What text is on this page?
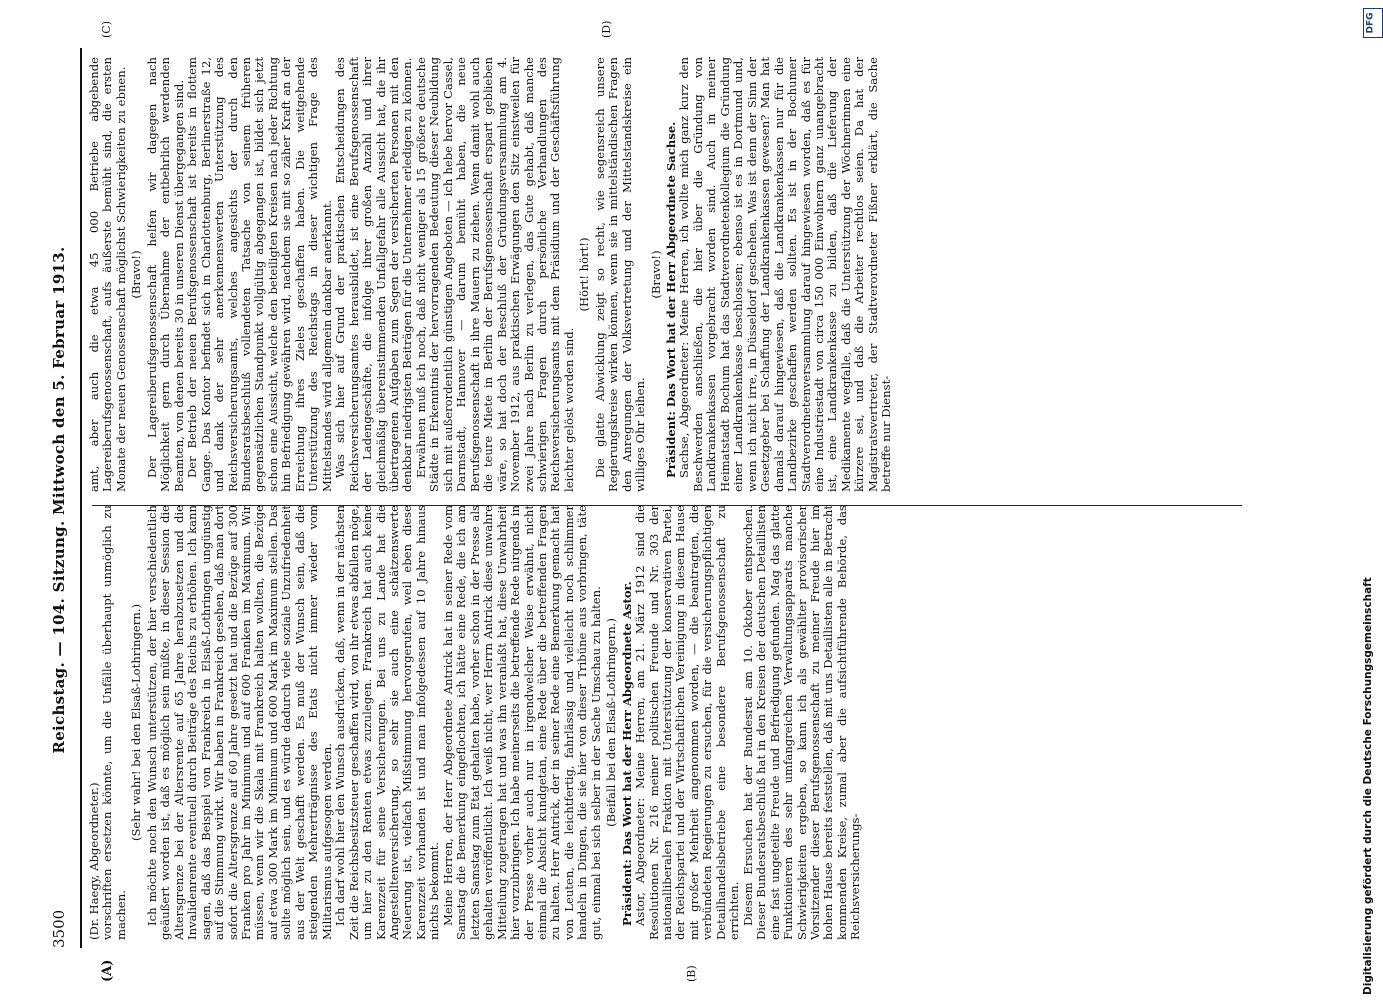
DFG
Digitalisierung gefördert durch die Deutsche Forschungsgemeinschaft
3500
Reichstag. — 104. Sitzung. Mittwoch den 5. Februar 1913.
(A)	(B)
(C)	(D)

(Dr. Haegy, Abgeordneter.) vorschriften ersetzen könnte, um die Unfälle überhaupt unmöglich zu machen.

(Sehr wahr! bei den Elsaß-Lothringern.) Ich möchte noch den Wunsch unterstützen, der hier verschiedentlich geäußert worden ist, daß es möglich sein müßte, in dieser Session die Altersgrenze bei der Altersrente auf 65 Jahre herabzusetzen und die Invalidenrente eventuell durch Beiträge des Reichs zu erhöhen. Ich kann sagen, daß das Beispiel von Frankreich in Elsaß-Lothringen ungünstig auf die Stimmung wirkt. Wir haben in Frankreich gesehen, daß man dort sofort die Altersgrenze auf 60 Jahre gesetzt hat und die Bezüge auf 300 Franken pro Jahr im Minimum und auf 600 Franken im Maximum. Wir müssen, wenn wir die Skala mit Frankreich halten wollten, die Bezüge auf etwa 300 Mark im Minimum und 600 Mark im Maximum stellen. Das sollte möglich sein, und es würde dadurch viele soziale Unzufriedenheit aus der Welt geschafft werden. Es muß der Wunsch sein, daß die steigenden Mehrerträgnisse des Etats nicht immer wieder vom Militarismus aufgesogen werden. Ich darf wohl hier den Wunsch ausdrücken, daß, wenn in der nächsten Zeit die Reichsbesitzsteuer geschaffen wird, von ihr etwas abfallen möge, um hier zu den Renten etwas zuzulegen. Frankreich hat auch keine Karenzzeit für seine Versicherungen. Bei uns zu Lande hat die Angestelltenversicherung, so sehr sie auch eine schätzenswerte Neuerung ist, vielfach Mißstimmung hervorgerufen, weil eben diese Karenzzeit vorhanden ist und man infolgedessen auf 10 Jahre hinaus nichts bekommt. Meine Herren, der Herr Abgeordnete Antrick hat in seiner Rede vom Samstag die Bemerkung eingeflochten, ich hätte eine Rede, die ich am letzten Samstag zum Etat gehalten habe, vorher schon in der Presse als gehalten veröffentlicht. Ich weiß nicht, wer Herrn Antrick diese unwahre Mitteilung zugetragen hat und was ihn veranlaßt hat, diese Unwahrheit hier vorzubringen. Ich habe meinerseits die betreffende Rede nirgends in der Presse vorher auch nur in irgendwelcher Weise erwähnt, nicht einmal die Absicht kundgetan, eine Rede über die betreffenden Fragen zu halten. Herr Antrick, der in seiner Rede eine Bemerkung gemacht hat von Leuten, die leichtfertig, fahrlässig und vielleicht noch schlimmer handeln in Dingen, die sie hier von dieser Tribüne aus vorbringen, täte gut, einmal bei sich selber in der Sache Umschau zu halten. (Beifall bei den Elsaß-Lothringern.) Präsident: Das Wort hat der Herr Abgeordnete Astor. Astor, Abgeordneter: Meine Herren, am 21. März 1912 sind die Resolutionen Nr. 216 meiner politischen Freunde und Nr. 303 der nationalliberalen Fraktion mit Unterstützung der konservativen Partei, der Reichspartei und der Wirtschaftlichen Vereinigung in diesem Hause mit großer Mehrheit angenommen worden, — die beantragten, die verbündeten Regierungen zu ersuchen, für die versicherungspflichtigen Detailhandelsbetriebe eine besondere Berufsgenossenschaft zu errichten. Diesem Ersuchen hat der Bundesrat am 10. Oktober entsprochen. Dieser Bundesratsbeschluß hat in den Kreisen der deutschen Detaillisten eine fast ungeteilte Freude und Befriedigung gefunden. Mag das glatte Funktionieren des sehr umfangreichen Verwaltungsapparats manche Schwierigkeiten ergeben, so kann ich als gewählter provisorischer Vorsitzender dieser Berufsgenossenschaft zu meiner Freude hier im hohen Hause bereits feststellen, daß mit uns Detaillisten alle in Betracht kommenden Kreise, zumal aber die aufsichtführende Behörde, das Reichsversicherungs-

amt, aber auch die etwa 45 000 Betriebe abgebende Lagereiberufsgenossenschaft, aufs äußerste bemüht sind, die ersten Monate der neuen Genossenschaft möglichst Schwierigkeiten zu ebnen. (Bravo!) Der Lagereiberufsgenossenschaft helfen wir dagegen nach Möglichkeit gern durch Übernahme der entbehrlich werdenden Beamten, von denen bereits 30 in unseren Dienst übergegangen sind. Der Betrieb der neuen Berufsgenossenschaft ist bereits in flottem Gange. Das Kontor befindet sich in Charlottenburg, Berlinerstraße 12, und dank der sehr anerkennenswerten Unterstützung des Reichsversicherungsamts, welches angesichts der durch den Bundesratsbeschluß vollendeten Tatsache von seinem früheren gegensätzlichen Standpunkt vollgültig abgegangen ist, bildet sich jetzt schon eine Aussicht, welche den beteiligten Kreisen nach jeder Richtung hin Befriedigung gewähren wird, nachdem sie mit so zäher Kraft an der Erreichung ihres Zieles geschaffen haben. Die weitgehende Unterstützung des Reichstags in dieser wichtigen Frage des Mittelstandes wird allgemein dankbar anerkannt. Was sich hier auf Grund der praktischen Entscheidungen des Reichsversicherungsamtes herausbildet, ist eine Berufsgenossenschaft der Ladengeschäfte, die infolge ihrer großen Anzahl und ihrer gleichmäßig übereinstimmenden Unfallgefahr alle Aussicht hat, die ihr übertragenen Aufgaben zum Segen der versicherten Personen mit den denkbar niedrigsten Beiträgen für die Unternehmer erledigen zu können. Erwähnen muß ich noch, daß nicht weniger als 15 größere deutsche Städte in Erkenntnis der hervorragenden Bedeutung dieser Neubildung sich mit außerordentlich günstigen Angeboten — ich hebe hervor Cassel, Darmstadt, Hannover — darum bemüht haben, die neue Berufsgenossenschaft in ihre Mauern zu ziehen. Wenn damit wohl auch die teure Miete in Berlin der Berufsgenossenschaft erspart geblieben wäre, so hat doch der Beschluß der Gründungsversammlung am 4. November 1912, aus praktischen Erwägungen den Sitz einstweilen für zwei Jahre nach Berlin zu verlegen, das Gute gehabt, daß manche schwierigen Fragen durch persönliche Verhandlungen des Reichsversicherungsamts mit dem Präsidium und der Geschäftsführung leichter gelöst worden sind.

(Hört! hört!) Die glatte Abwicklung zeigt so recht, wie segensreich unsere Regierungskreise wirken können, wenn sie in mittelständischen Fragen den Anregungen der Volksvertretung und der Mittelstandskreise ein williges Ohr leihen.

(Bravo!) Präsident: Das Wort hat der Herr Abgeordnete Sachse. Sachse, Abgeordneter: Meine Herren, ich wollte mich ganz kurz den Beschwerden anschließen, die hier über die Gründung von Landkrankenkassen vorgebracht worden sind. Auch in meiner Heimatstadt Bochum hat das Stadtverordnetenkollegium die Gründung einer Landkrankenkasse beschlossen; ebenso ist es in Dortmund und, wenn ich nicht irre, in Düsseldorf geschehen. Was ist denn der Sinn der Gesetzgeber bei Schaffung der Landkrankenkassen gewesen? Man hat damals darauf hingewiesen, daß die Landkrankenkassen nur für die Landbezirke geschaffen werden sollten. Es ist in der Bochumer Stadtverordnetenversammlung darauf hingewiesen worden, daß es für eine Industriestadt von circa 150 000 Einwohnern ganz unangebracht ist, eine Landkrankenkasse zu bilden, daß die Lieferung der Medikamente wegfalle, daß die Unterstützung der Wöchnerinnen eine kürzere sei, und daß die Arbeiter rechtlos seien. Da hat der Magistratsvertreter, der Stadtverordneter Fißner erklärt, die Sache betreffe nur Dienst-
